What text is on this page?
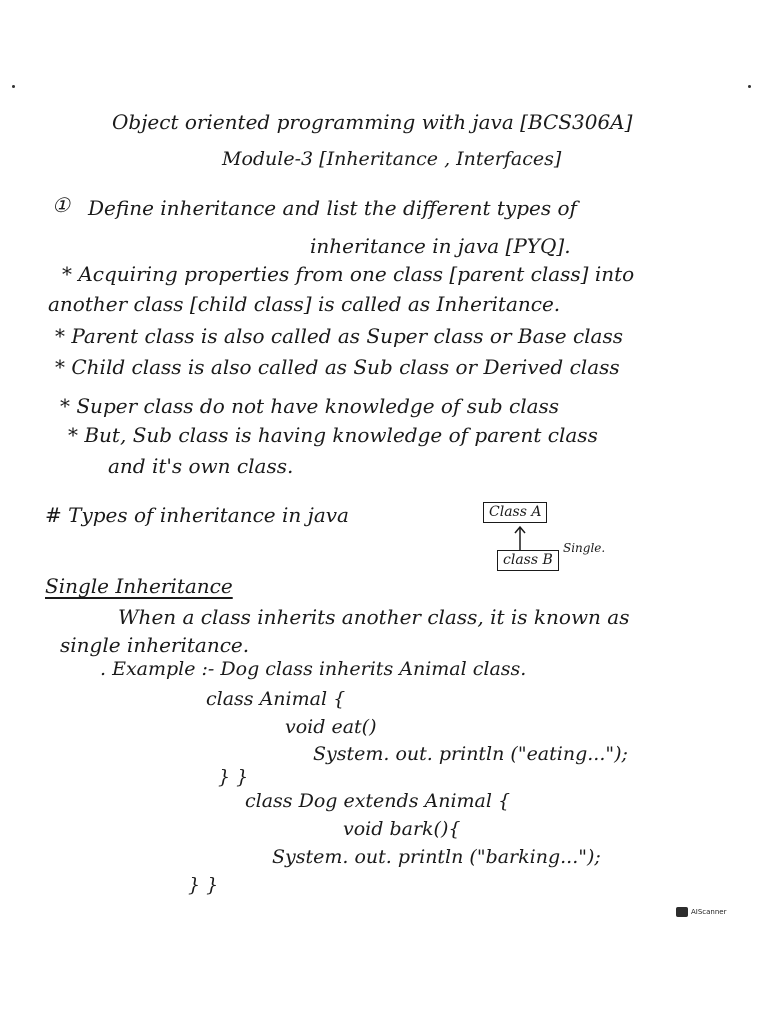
Object oriented programming with java [BCS306A]
Module-3 [Inheritance , Interfaces]
① Define inheritance and list the different types of
inheritance in java [PYQ].
* Acquiring properties from one class [parent class] into
another class [child class] is called as Inheritance.
* Parent class is also called as Super class or Base class
* Child class is also called as Sub class or Derived class
* Super class do not have knowledge of sub class
* But, Sub class is having knowledge of parent class
and it's own class.
# Types of inheritance in java	Class A
class B
Single.
Single Inheritance
When a class inherits another class, it is known as
single inheritance.
. Example :- Dog class inherits Animal class.
class Animal {
void eat()
System. out. println ("eating...");
} }
class Dog extends Animal {
void bark(){
System. out. println ("barking...");
} }
AIScanner
